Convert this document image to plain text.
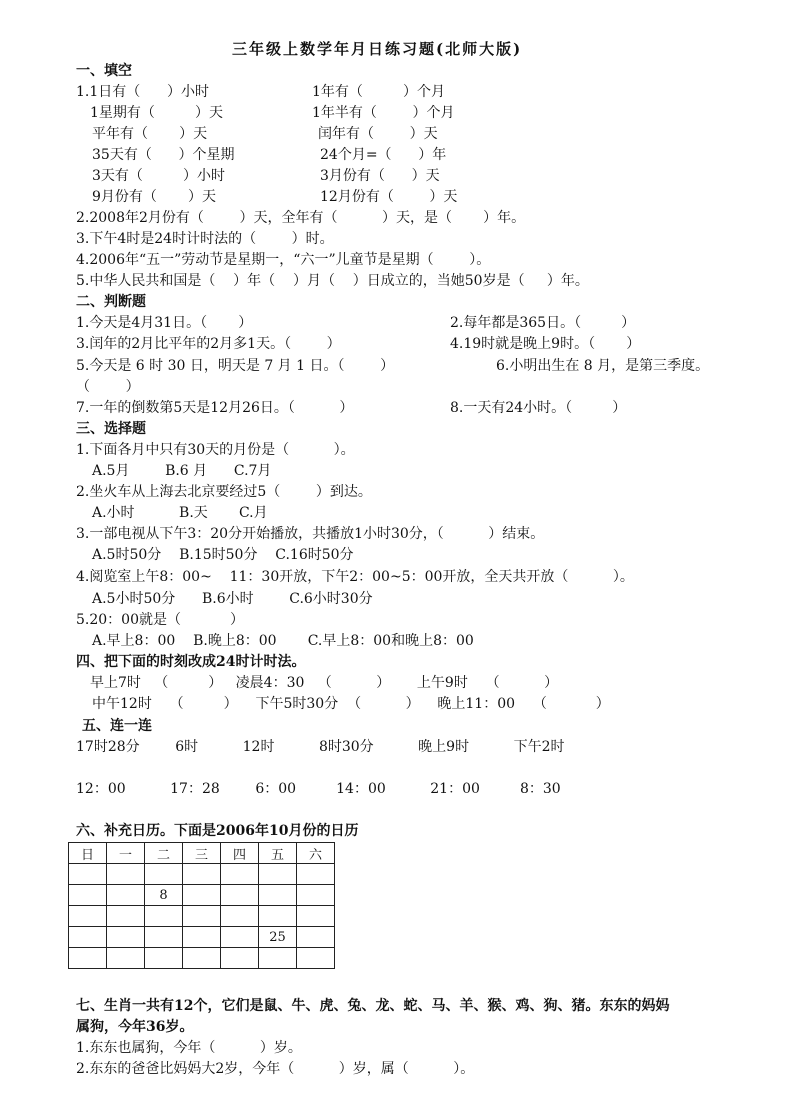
三年级上数学年月日练习题(北师大版)
一、填空
1.1日有（      ）小时	1年有（         ）个月
1星期有（         ）天	1年半有（        ）个月
平年有（       ）天	闰年有（        ）天
35天有（      ）个星期	24个月=（      ）年
3天有（         ）小时	3月份有（      ）天
9月份有（       ）天	12月份有（        ）天
2.2008年2月份有（        ）天，全年有（          ）天，是（       ）年。
3.下午4时是24时计时法的（        ）时。
4.2006年“五一”劳动节是星期一，“六一”儿童节是星期（        ）。
5.中华人民共和国是（    ）年（    ）月（    ）日成立的，当她50岁是（     ）年。
二、判断题
1.今天是4月31日。（       ）	2.每年都是365日。（         ）
3.闰年的2月比平年的2月多1天。（        ）	4.19时就是晚上9时。（       ）
5.今天是 6 时 30 日，明天是 7 月 1 日。（        ）	6.小明出生在 8 月，是第三季度。
（        ）
7.一年的倒数第5天是12月26日。（          ）	8.一天有24小时。（         ）
三、选择题
1.下面各月中只有30天的月份是（          ）。
A.5月        B.6 月      C.7月
2.坐火车从上海去北京要经过5（        ）到达。
A.小时          B.天       C.月
3.一部电视从下午3：20分开始播放，共播放1小时30分，（          ）结束。
A.5时50分    B.15时50分    C.16时50分
4.阅览室上午8：00~    11：30开放，下午2：00~5：00开放，全天共开放（          ）。
A.5小时50分      B.6小时        C.6小时30分
5.20：00就是（           ）
A.早上8：00    B.晚上8：00       C.早上8：00和晚上8：00
四、把下面的时刻改成24时计时法。
早上7时   （         ）   凌晨4：30   （          ）      上午9时    （          ）
中午12时    （         ）    下午5时30分  （          ）    晚上11：00    （           ）
五、连一连
17时28分        6时          12时          8时30分          晚上9时          下午2时
12：00          17：28        6：00         14：00          21：00         8：30
六、补充日历。下面是2006年10月份的日历
日	一	二	三	四	五	六

		8				

					25	

七、生肖一共有12个，它们是鼠、牛、虎、兔、龙、蛇、马、羊、猴、鸡、狗、猪。东东的妈妈
属狗，今年36岁。
1.东东也属狗，今年（          ）岁。
2.东东的爸爸比妈妈大2岁，今年（          ）岁，属（          ）。
